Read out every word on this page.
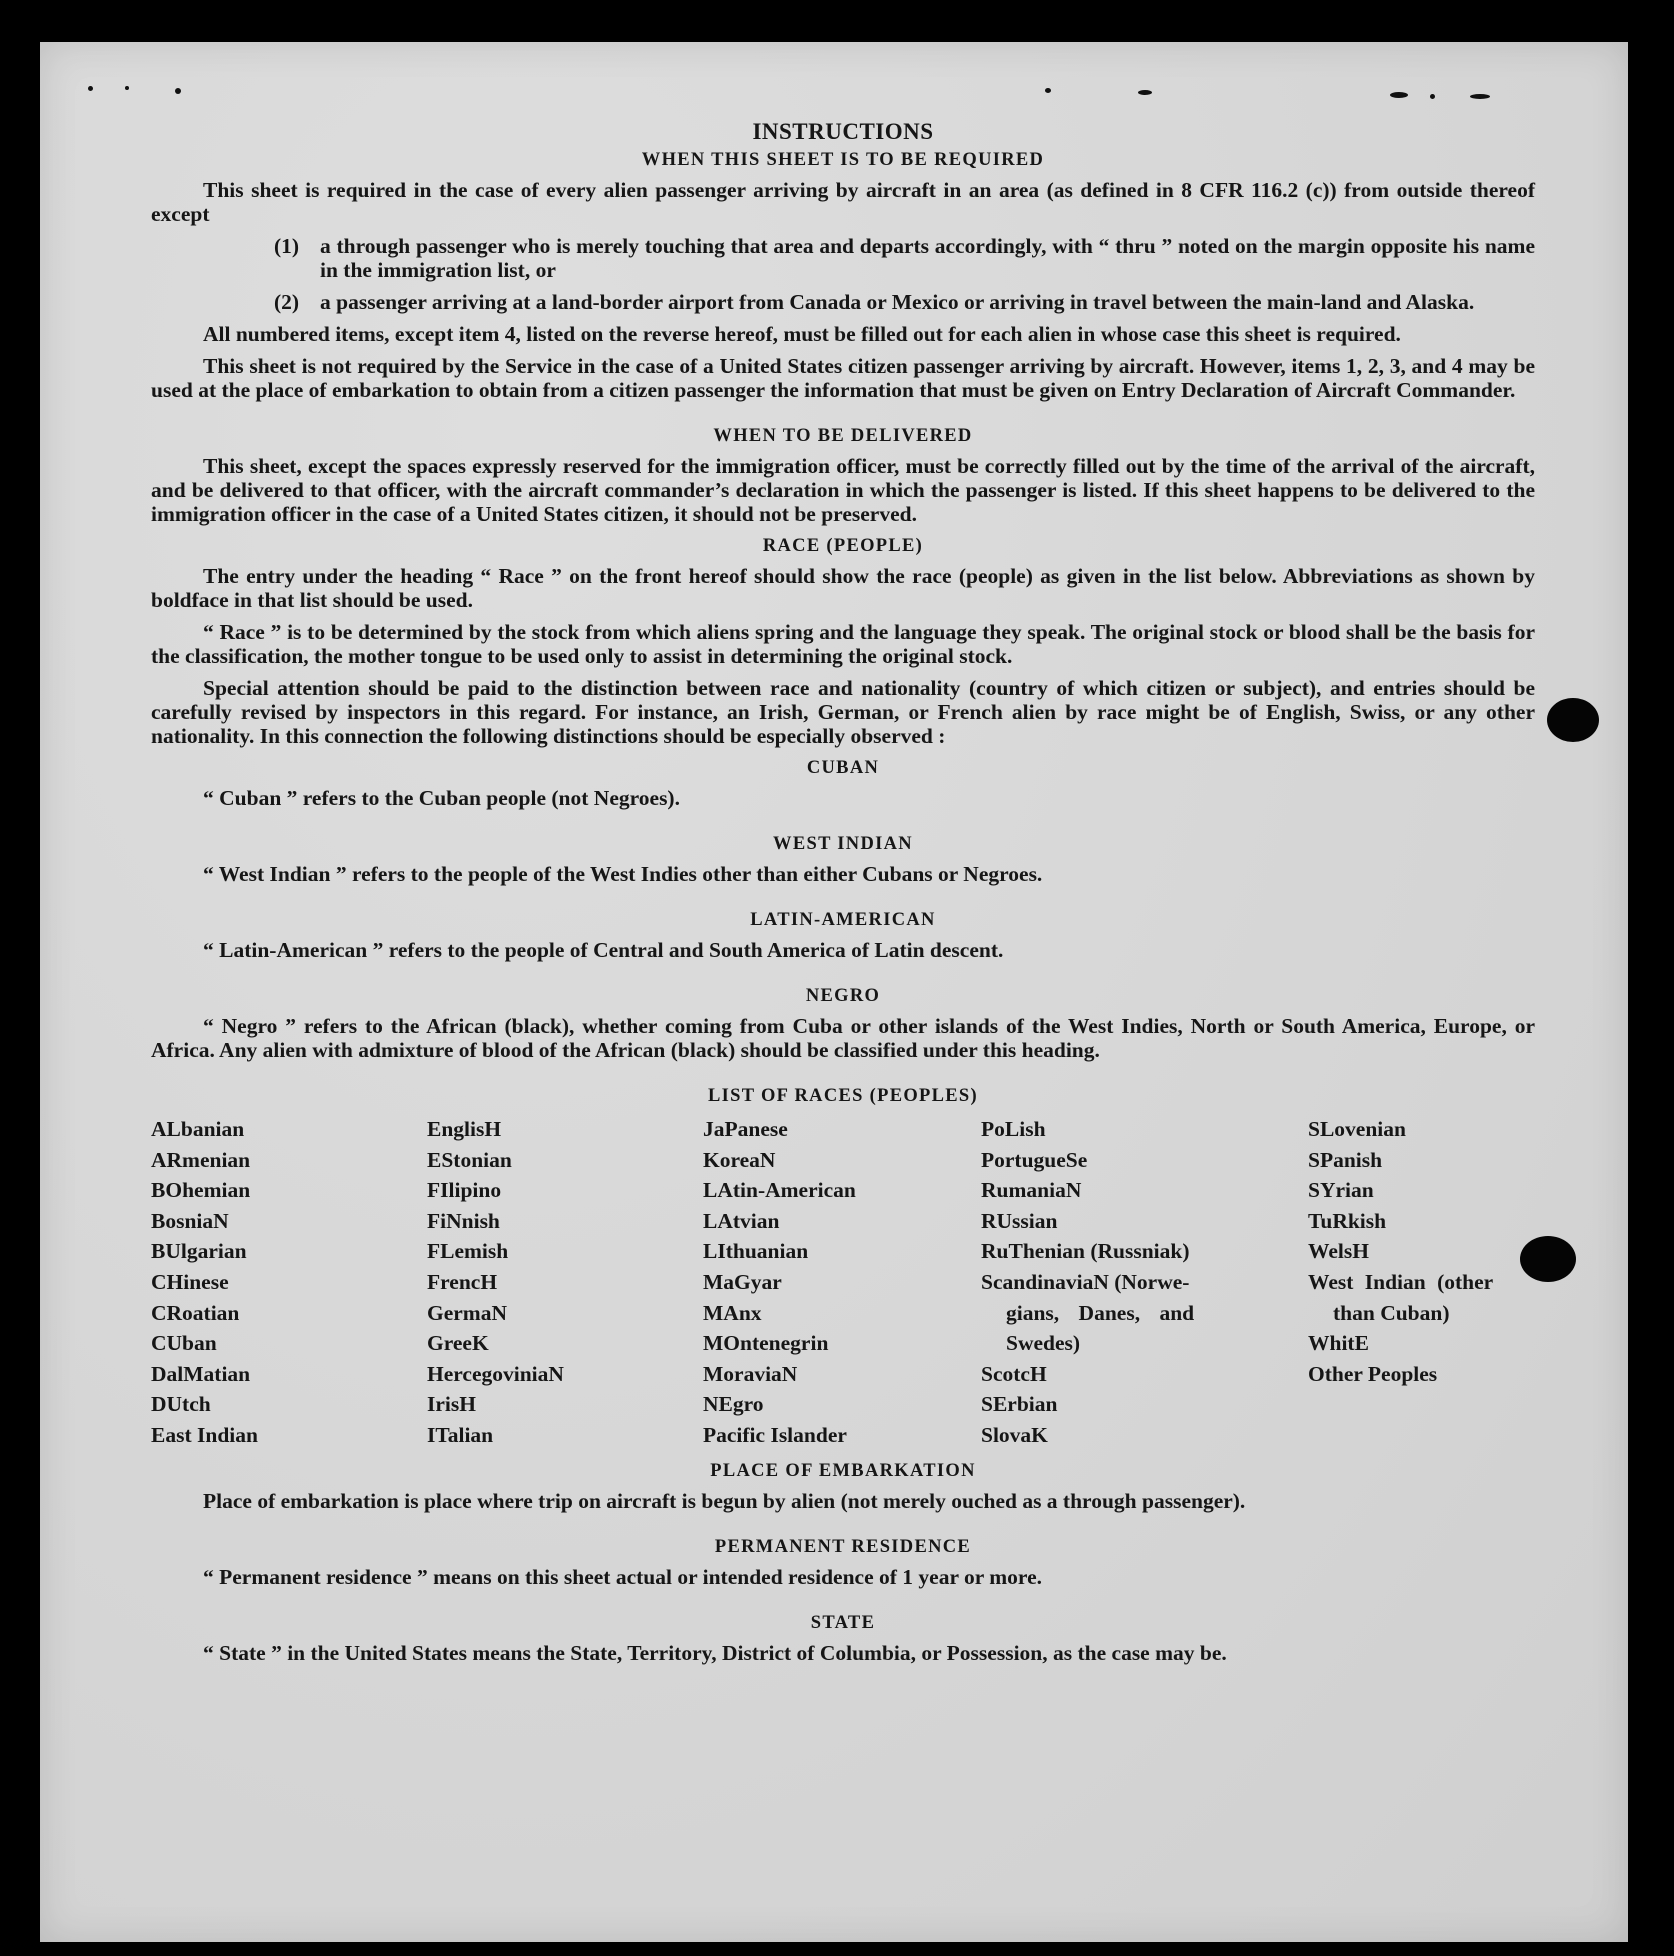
INSTRUCTIONS
WHEN THIS SHEET IS TO BE REQUIRED

This sheet is required in the case of every alien passenger arriving by aircraft in an area (as defined in 8 CFR 116.2 (c)) from outside thereof except

(1) a through passenger who is merely touching that area and departs accordingly, with “ thru ” noted on the margin opposite his name in the immigration list, or
(2) a passenger arriving at a land-border airport from Canada or Mexico or arriving in travel between the main-land and Alaska.

All numbered items, except item 4, listed on the reverse hereof, must be filled out for each alien in whose case this sheet is required.

This sheet is not required by the Service in the case of a United States citizen passenger arriving by aircraft. However, items 1, 2, 3, and 4 may be used at the place of embarkation to obtain from a citizen passenger the information that must be given on Entry Declaration of Aircraft Commander.

WHEN TO BE DELIVERED

This sheet, except the spaces expressly reserved for the immigration officer, must be correctly filled out by the time of the arrival of the aircraft, and be delivered to that officer, with the aircraft commander’s declaration in which the passenger is listed. If this sheet happens to be delivered to the immigration officer in the case of a United States citizen, it should not be preserved.

RACE (PEOPLE)

The entry under the heading “ Race ” on the front hereof should show the race (people) as given in the list below. Abbreviations as shown by boldface in that list should be used.

“ Race ” is to be determined by the stock from which aliens spring and the language they speak. The original stock or blood shall be the basis for the classification, the mother tongue to be used only to assist in determining the original stock.

Special attention should be paid to the distinction between race and nationality (country of which citizen or subject), and entries should be carefully revised by inspectors in this regard. For instance, an Irish, German, or French alien by race might be of English, Swiss, or any other nationality. In this connection the following distinctions should be especially observed :

CUBAN

“ Cuban ” refers to the Cuban people (not Negroes).

WEST INDIAN

“ West Indian ” refers to the people of the West Indies other than either Cubans or Negroes.

LATIN-AMERICAN

“ Latin-American ” refers to the people of Central and South America of Latin descent.

NEGRO

“ Negro ” refers to the African (black), whether coming from Cuba or other islands of the West Indies, North or South America, Europe, or Africa. Any alien with admixture of blood of the African (black) should be classified under this heading.

LIST OF RACES (PEOPLES)
ALbanian
ARmenian
BOhemian
BosniaN
BUlgarian
CHinese
CRoatian
CUban
DalMatian
DUtch
East Indian
EnglisH
EStonian
FIlipino
FiNnish
FLemish
FrencH
GermaN
GreeK
HercegoviniaN
IrisH
ITalian
JaPanese
KoreaN
LAtin-American
LAtvian
LIthuanian
MaGyar
MAnx
MOntenegrin
MoraviaN
NEgro
Pacific Islander
PoLish
PortugueSe
RumaniaN
RUssian
RuThenian (Russniak)
ScandinaviaN (Norwe-
gians, Danes, and
Swedes)
ScotcH
SErbian
SlovaK
SLovenian
SPanish
SYrian
TuRkish
WelsH
West Indian (other
than Cuban)
WhitE
Other Peoples
PLACE OF EMBARKATION

Place of embarkation is place where trip on aircraft is begun by alien (not merely ouched as a through passenger).

PERMANENT RESIDENCE

“ Permanent residence ” means on this sheet actual or intended residence of 1 year or more.

STATE

“ State ” in the United States means the State, Territory, District of Columbia, or Possession, as the case may be.
